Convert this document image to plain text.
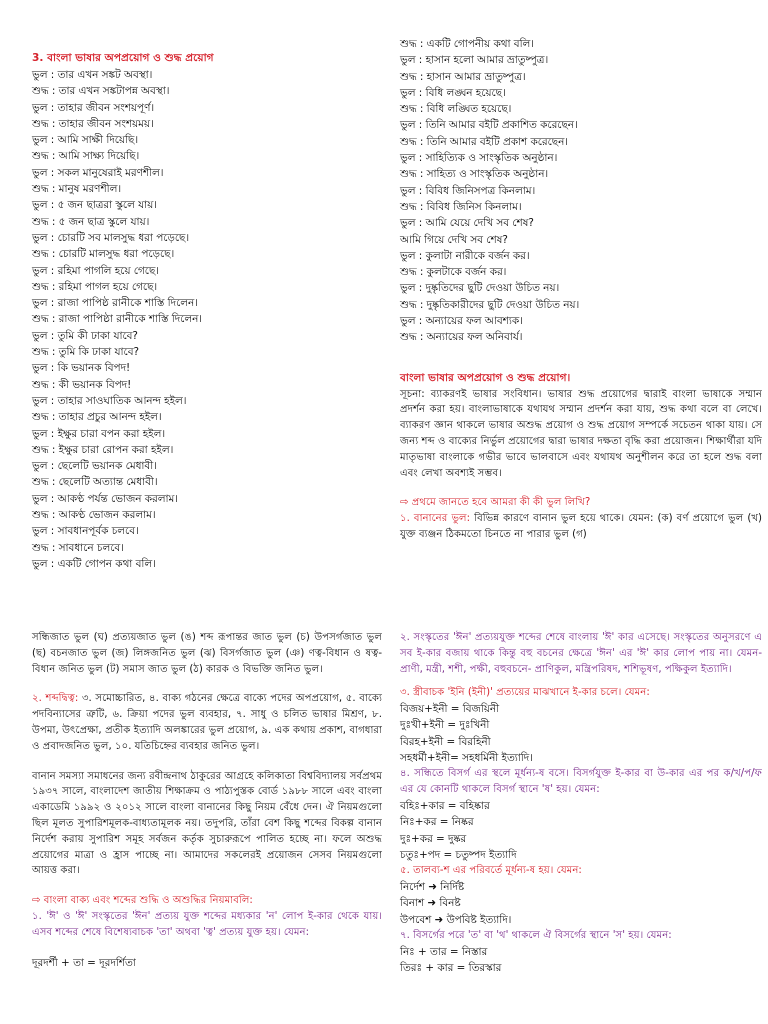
3. বাংলা ভাষার অপপ্রয়োগ ও শুদ্ধ প্রয়োগ
ভুল : তার এখন সঙ্কট অবস্থা।
শুদ্ধ : তার এখন সঙ্কটাপন্ন অবস্থা।
ভুল : তাহার জীবন সংশয়পূর্ণ।
শুদ্ধ : তাহার জীবন সংশয়ময়।
ভুল : আমি সাক্ষী দিয়েছি।
শুদ্ধ : আমি সাক্ষ্য দিয়েছি।
ভুল : সকল মানুষেরাই মরণশীল।
শুদ্ধ : মানুষ মরণশীল।
ভুল : ৫ জন ছাত্ররা স্কুলে যায়।
শুদ্ধ : ৫ জন ছাত্র স্কুলে যায়।
ভুল : চোরটি সব মালসুদ্ধ ধরা পড়েছে।
শুদ্ধ : চোরটি মালসুদ্ধ ধরা পড়েছে।
ভুল : রহিমা পাগলি হয়ে গেছে।
শুদ্ধ : রহিমা পাগল হয়ে গেছে।
ভুল : রাজা পাপিষ্ঠ রানীকে শাস্তি দিলেন।
শুদ্ধ : রাজা পাপিষ্ঠা রানীকে শাস্তি দিলেন।
ভুল : তুমি কী ঢাকা যাবে?
শুদ্ধ : তুমি কি ঢাকা যাবে?
ভুল : কি ভয়ানক বিপদ!
শুদ্ধ : কী ভয়ানক বিপদ!
ভুল : তাহার সাওঘাতিক আনন্দ হইল।
শুদ্ধ : তাহার প্রচুর আনন্দ হইল।
ভুল : ইক্ষুর চারা বপন করা হইল।
শুদ্ধ : ইক্ষুর চারা রোপন করা হইল।
ভুল : ছেলেটি ভয়ানক মেধাবী।
শুদ্ধ : ছেলেটি অত্যান্ত মেধাবী।
ভুল : আকণ্ঠ পর্যন্ত ভোজন করলাম।
শুদ্ধ : আকণ্ঠ ভোজন করলাম।
ভুল : সাবধানপূর্বক চলবে।
শুদ্ধ : সাবধানে চলবে।
ভুল : একটি গোপন কথা বলি।
শুদ্ধ : একটি গোপনীয় কথা বলি।
ভুল : হাসান হলো আমার ভ্রাতুষ্পুত্র।
শুদ্ধ : হাসান আমার ভ্রাতুষ্পুত্র।
ভুল : বিধি লঙ্ঘন হয়েছে।
শুদ্ধ : বিধি লঙ্ঘিত হয়েছে।
ভুল : তিনি আমার বইটি প্রকাশিত করেছেন।
শুদ্ধ : তিনি আমার বইটি প্রকাশ করেছেন।
ভুল : সাহিত্যিক ও সাংস্কৃতিক অনুষ্ঠান।
শুদ্ধ : সাহিত্য ও সাংস্কৃতিক অনুষ্ঠান।
ভুল : বিবিধ জিনিসপত্র কিনলাম।
শুদ্ধ : বিবিধ জিনিস কিনলাম।
ভুল : আমি যেয়ে দেখি সব শেষ?
আমি গিয়ে দেখি সব শেষ?
ভুল : কুলাটা নারীকে বর্জন কর।
শুদ্ধ : কুলটাকে বর্জন কর।
ভুল : দুষ্কৃতিদের ছুটি দেওয়া উচিত নয়।
শুদ্ধ : দুষ্কৃতিকারীদের ছুটি দেওয়া উচিত নয়।
ভুল : অন্যায়ের ফল আবশ্যক।
শুদ্ধ : অন্যায়ের ফল অনিবার্য।
বাংলা ভাষার অপপ্রয়োগ ও শুদ্ধ প্রয়োগ।

সূচনা: ব্যাকরণই ভাষার সংবিধান। ভাষার শুদ্ধ প্রয়োগের দ্বারাই বাংলা ভাষাকে সম্মান প্রদর্শন করা হয়। বাংলাভাষাকে যথাযথ সম্মান প্রদর্শন করা যায়, শুদ্ধ কথা বলে বা লেখে। ব্যাকরণ জ্ঞান থাকলে ভাষার অশুদ্ধ প্রয়োগ ও শুদ্ধ প্রয়োগ সম্পর্কে সচেতন থাকা যায়। সে জন্য শব্দ ও বাক্যের নির্ভুল প্রয়োগের দ্বারা ভাষার দক্ষতা বৃদ্ধি করা প্রয়োজন। শিক্ষার্থীরা যদি মাতৃভাষা বাংলাকে গভীর ভাবে ভালবাসে এবং যথাযথ অনুশীলন করে তা হলে শুদ্ধ বলা এবং লেখা অবশ্যই সম্ভব।

⇨ প্রথমে জানতে হবে আমরা কী কী ভুল লিখি?

১. বানানের ভুল: বিভিন্ন কারণে বানান ভুল হয়ে থাকে। যেমন: (ক) বর্ণ প্রয়োগে ভুল (খ) যুক্ত ব্যঞ্জন ঠিকমতো চিনতে না পারার ভুল (গ)

সন্ধিজাত ভুল (ঘ) প্রত্যয়জাত ভুল (ঙ) শব্দ রূপান্তর জাত ভুল (চ) উপসর্গজাত ভুল (ছ) বচনজাত ভুল (জ) লিঙ্গজনিত ভুল (ঝ) বিসর্গজাত ভুল (ঞ) ণত্ব-বিধান ও ষত্ব-বিধান জনিত ভুল (ট) সমাস জাত ভুল (ঠ) কারক ও বিভক্তি জনিত ভুল।

২. শব্দদ্বিত্ব: ৩. সমোচ্চারিত, ৪. বাক্য গঠনের ক্ষেত্রে বাক্যে পদের অপপ্রয়োগ, ৫. বাক্যে পদবিন্যাসের ত্রুটি, ৬. ক্রিয়া পদের ভুল ব্যবহার, ৭. সাধু ও চলিত ভাষার মিশ্রণ, ৮. উপমা, উৎপ্রেক্ষা, প্রতীক ইত্যাদি অলঙ্কারের ভুল প্রয়োগ, ৯. এক কথায় প্রকাশ, বাগধারা ও প্রবাদজনিত ভুল, ১০. যতিচিহ্নের ব্যবহার জনিত ভুল।

বানান সমস্যা সমাধনের জন্য রবীন্দ্রনাথ ঠাকুরের আগ্রহে কলিকাতা বিশ্ববিদ্যালয় সর্বপ্রথম ১৯৩৭ সালে, বাংলাদেশ জাতীয় শিক্ষাক্রম ও পাঠ্যপুস্তক বোর্ড ১৯৮৮ সালে এবং বাংলা একাডেমি ১৯৯২ ও ২০১২ সালে বাংলা বানানের কিছু নিয়ম বেঁধে দেন। ঐ নিয়মগুলো ছিল মূলত সুপারিশমূলক-বাধ্যতামূলক নয়। তদুপরি, তাঁরা বেশ কিছু শব্দের বিকল্প বানান নির্দেশ করায় সুপারিশ সমূহ সর্বজন কর্তৃক সুচারুরূপে পালিত হচ্ছে না। ফলে অশুদ্ধ প্রয়োগের মাত্রা ও হ্রাস পাচ্ছে না। আমাদের সকলেরই প্রয়োজন সেসব নিয়মগুলো আয়ত্ত করা।

⇨ বাংলা বাক্য এবং শব্দের শুদ্ধি ও অশুদ্ধির নিয়মাবলি:

১. 'ঈ' ও 'ঈ' সংস্কৃতের 'ঈন' প্রত্যয় যুক্ত শব্দের মধ্যকার 'ন' লোপ ই-কার থেকে যায়। এসব শব্দের শেষে বিশেষ্যবাচক 'তা' অথবা 'ত্ব' প্রত্যয় যুক্ত হয়। যেমন:

দূরদর্শী + তা = দূরদর্শিতা

২. সংস্কৃতের 'ঈন' প্রত্যয়যুক্ত শব্দের শেষে বাংলায় 'ঈ' কার এসেছে। সংস্কৃতের অনুসরণে এ সব ই-কার বজায় থাকে কিন্তু বহু বচনের ক্ষেত্রে 'ঈন' এর 'ঈ' কার লোপ পায় না। যেমন- প্রাণী, মন্ত্রী, শশী, পক্ষী, বহুবচনে- প্রাণিকুল, মন্ত্রিপরিষদ, শশিভূষণ, পক্ষিকুল ইত্যাদি।

৩. স্ত্রীবাচক 'ইনি (ইনী)' প্রত্যয়ের মাঝখানে ই-কার চলে। যেমন:

বিজয়+ইনী = বিজয়িনী
দুঃখী+ইনী = দুঃখিনী
বিরহ+ইনী = বিরহিনী
সহধর্মী+ইনী= সহধর্মিনী ইত্যাদি।

৪. সন্ধিতে বিসর্গ এর স্থলে মূর্ধন্য-ষ বসে। বিসর্গযুক্ত ই-কার বা উ-কার এর পর ক/খ/প/ফ এর যে কোনটি থাকলে বিসর্গ স্থানে 'ষ' হয়। যেমন:

বহিঃ+কার = বহিষ্কার
নিঃ+কর = নিষ্কর
দুঃ+কর = দুষ্কর
চতুঃ+পদ = চতুষ্পদ ইত্যাদি

৫. তালব্য-শ এর পরিবর্তে মূর্ধন্য-ষ হয়। যেমন:

নির্দেশ ➜ নির্দিষ্ট
বিনাশ ➜ বিনষ্ট
উপবেশ ➜ উপবিষ্ট ইত্যাদি।

৭. বিসর্গের পরে 'ত' বা 'থ' থাকলে ঐ বিসর্গের স্থানে 'স' হয়। যেমন:

নিঃ + তার = নিস্তার
তিরঃ + কার = তিরস্কার
